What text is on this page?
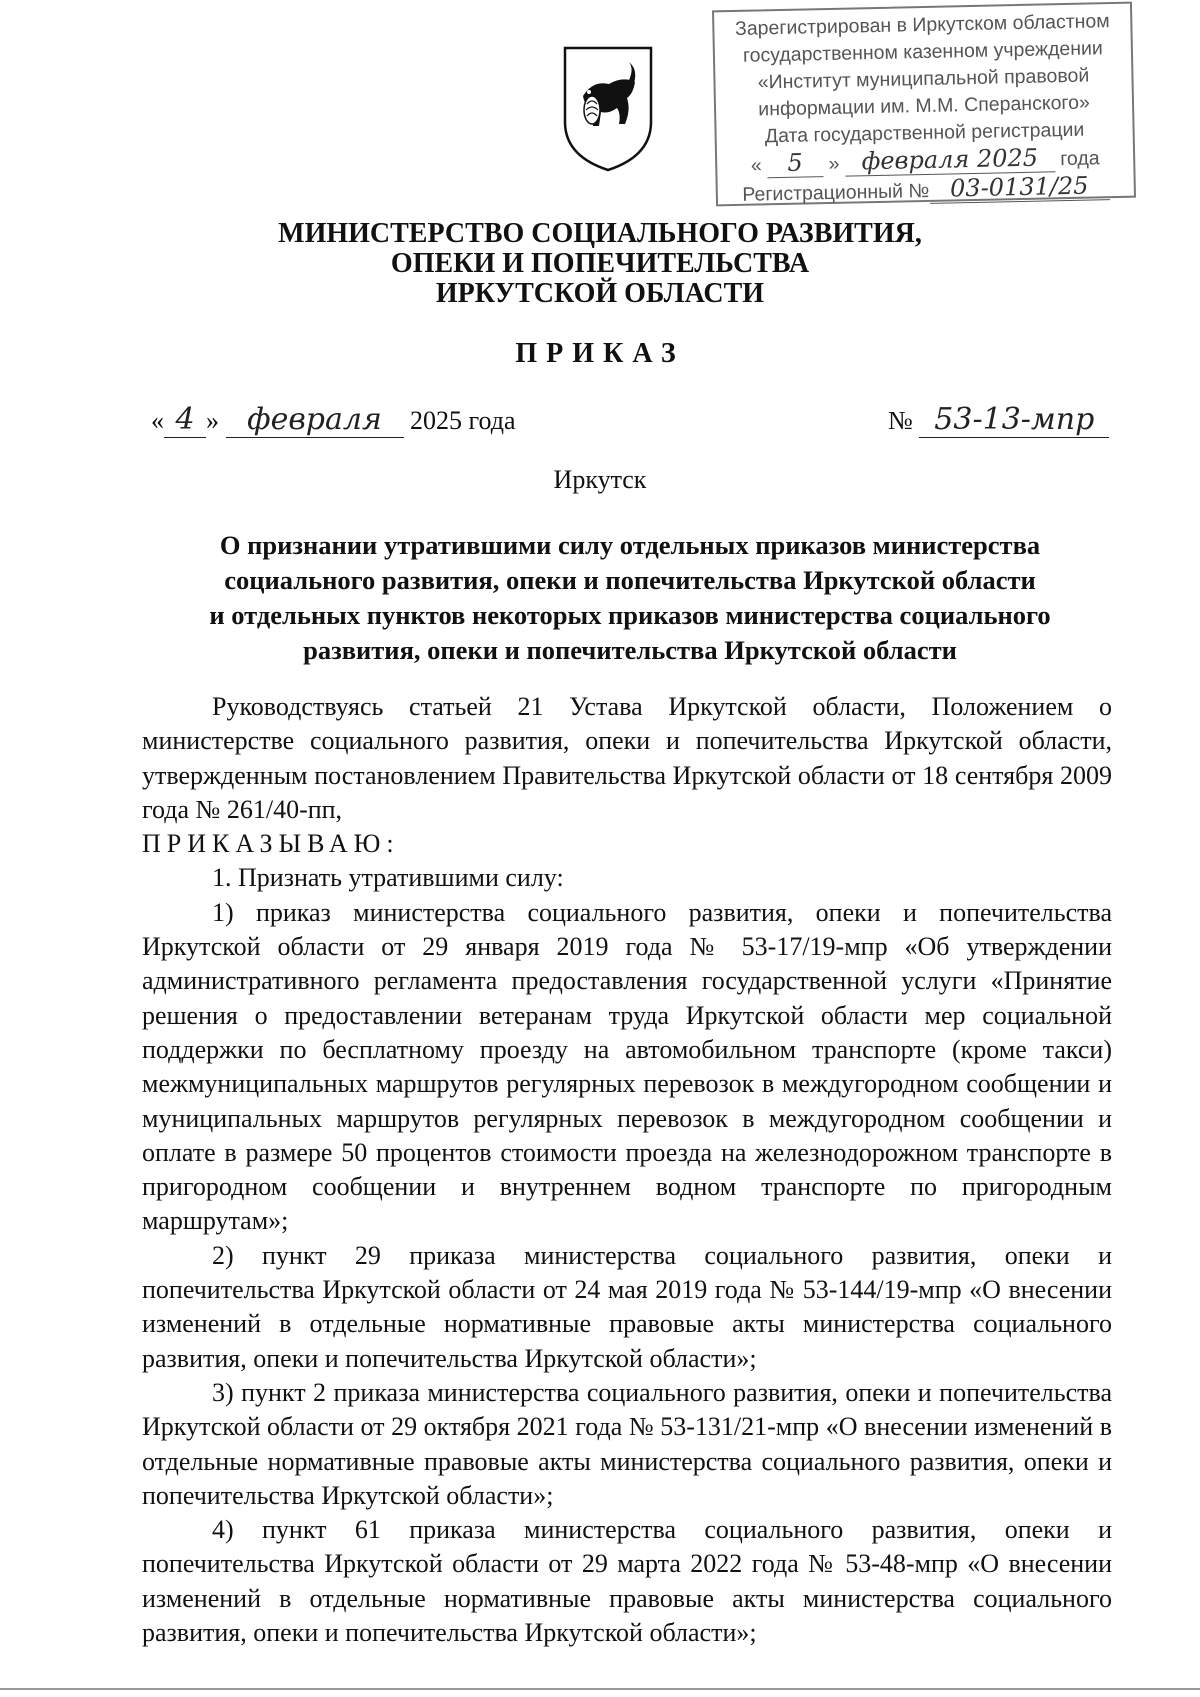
Зарегистрирован в Иркутском областном
государственном казенном учреждении
«Институт муниципальной правовой
информации им. М.М. Сперанского»
Дата государственной регистрации
« 5 » февраля 2025 года
Регистрационный № 03-0131/25
МИНИСТЕРСТВО СОЦИАЛЬНОГО РАЗВИТИЯ,
ОПЕКИ И ПОПЕЧИТЕЛЬСТВА
ИРКУТСКОЙ ОБЛАСТИ
ПРИКАЗ
« 4 » февраля 2025 года	№ 53-13-мпр
Иркутск
О признании утратившими силу отдельных приказов министерства
социального развития, опеки и попечительства Иркутской области
и отдельных пунктов некоторых приказов министерства социального
развития, опеки и попечительства Иркутской области

Руководствуясь статьей 21 Устава Иркутской области, Положением о министерстве социального развития, опеки и попечительства Иркутской области, утвержденным постановлением Правительства Иркутской области от 18 сентября 2009 года № 261/40-пп,

ПРИКАЗЫВАЮ:

1. Признать утратившими силу:

1) приказ министерства социального развития, опеки и попечительства Иркутской области от 29 января 2019 года № 53-17/19-мпр «Об утверждении административного регламента предоставления государственной услуги «Принятие решения о предоставлении ветеранам труда Иркутской области мер социальной поддержки по бесплатному проезду на автомобильном транспорте (кроме такси) межмуниципальных маршрутов регулярных перевозок в междугородном сообщении и муниципальных маршрутов регулярных перевозок в междугородном сообщении и оплате в размере 50 процентов стоимости проезда на железнодорожном транспорте в пригородном сообщении и внутреннем водном транспорте по пригородным маршрутам»;

2) пункт 29 приказа министерства социального развития, опеки и попечительства Иркутской области от 24 мая 2019 года № 53-144/19-мпр «О внесении изменений в отдельные нормативные правовые акты министерства социального развития, опеки и попечительства Иркутской области»;

3) пункт 2 приказа министерства социального развития, опеки и попечительства Иркутской области от 29 октября 2021 года № 53-131/21-мпр «О внесении изменений в отдельные нормативные правовые акты министерства социального развития, опеки и попечительства Иркутской области»;

4) пункт 61 приказа министерства социального развития, опеки и попечительства Иркутской области от 29 марта 2022 года № 53-48-мпр «О внесении изменений в отдельные нормативные правовые акты министерства социального развития, опеки и попечительства Иркутской области»;
